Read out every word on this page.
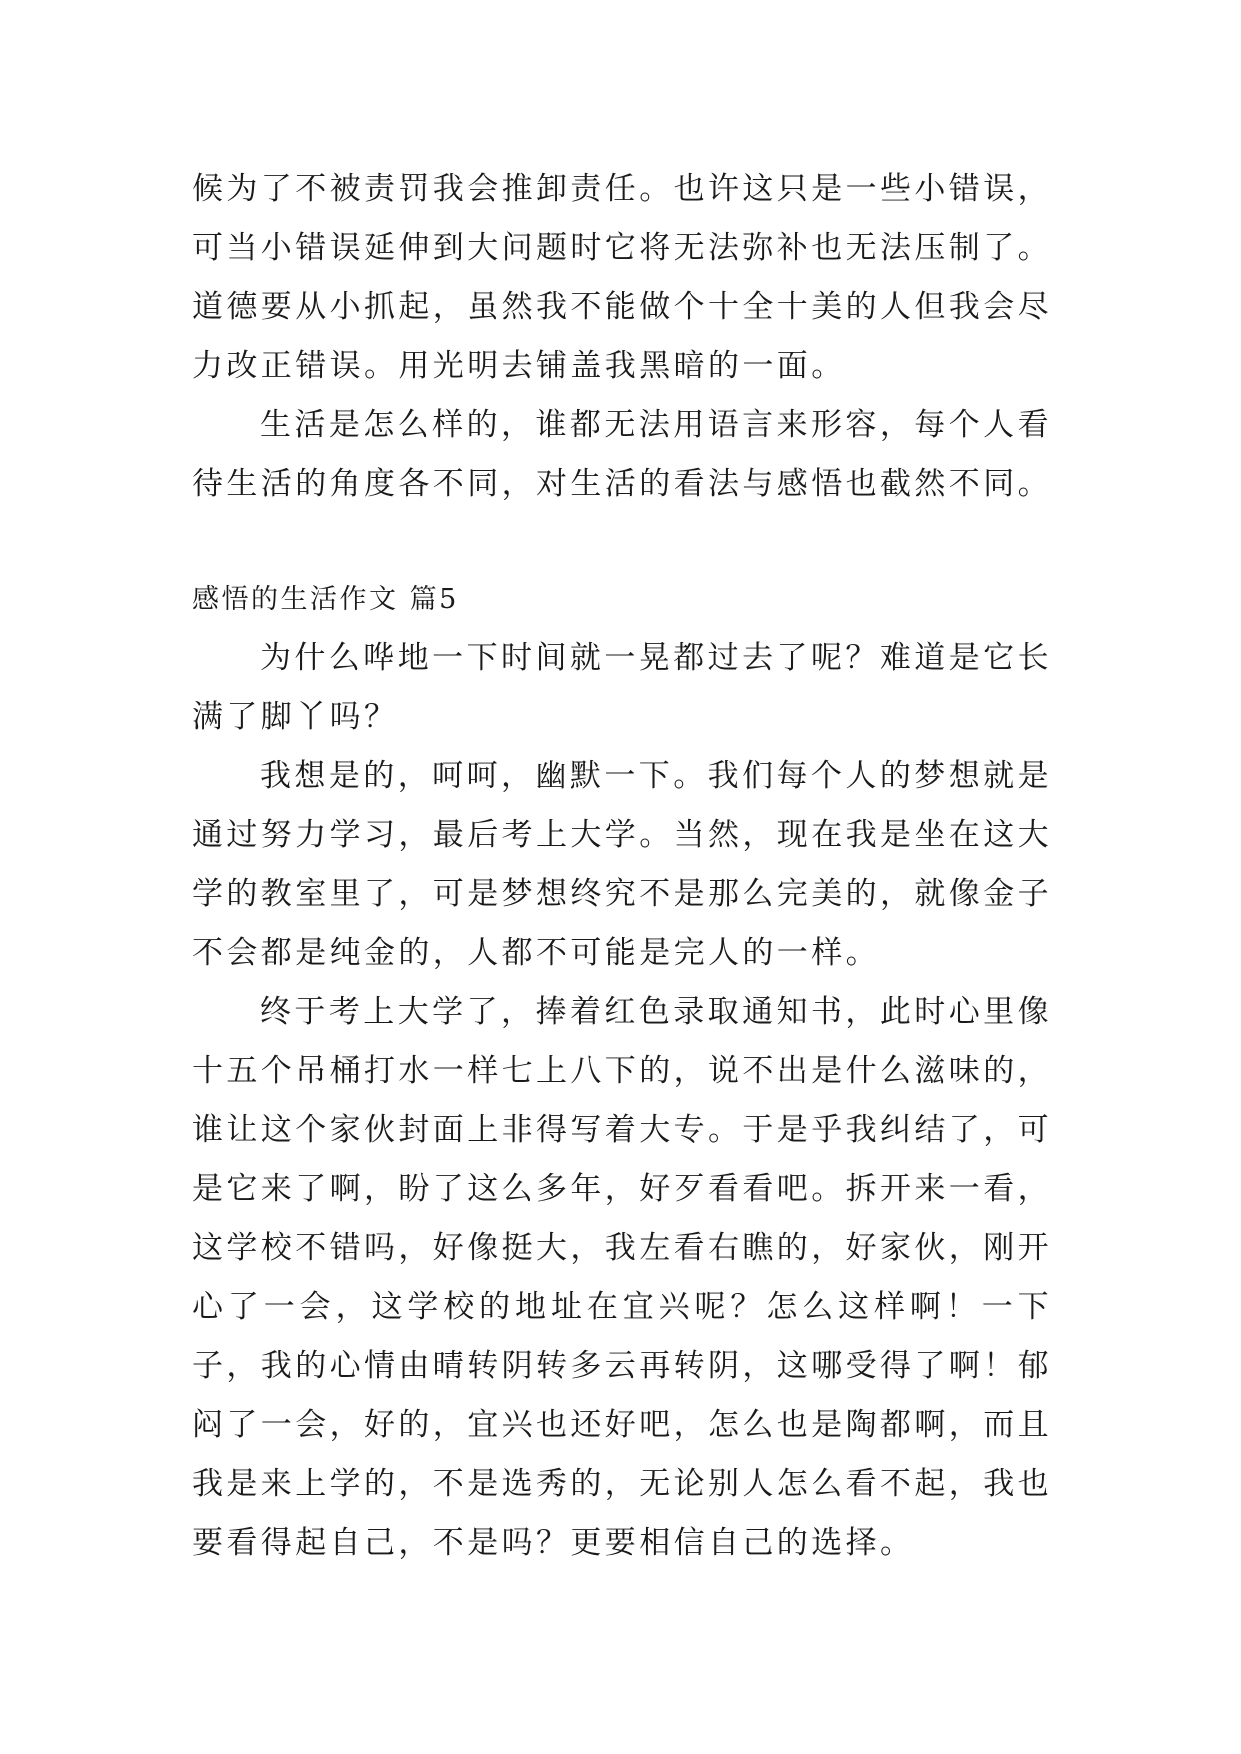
候为了不被责罚我会推卸责任。也许这只是一些小错误，可当小错误延伸到大问题时它将无法弥补也无法压制了。道德要从小抓起，虽然我不能做个十全十美的人但我会尽力改正错误。用光明去铺盖我黑暗的一面。

生活是怎么样的，谁都无法用语言来形容，每个人看待生活的角度各不同，对生活的看法与感悟也截然不同。

感悟的生活作文 篇5

为什么哗地一下时间就一晃都过去了呢？难道是它长满了脚丫吗？

我想是的，呵呵，幽默一下。我们每个人的梦想就是通过努力学习，最后考上大学。当然，现在我是坐在这大学的教室里了，可是梦想终究不是那么完美的，就像金子不会都是纯金的，人都不可能是完人的一样。

终于考上大学了，捧着红色录取通知书，此时心里像十五个吊桶打水一样七上八下的，说不出是什么滋味的，谁让这个家伙封面上非得写着大专。于是乎我纠结了，可是它来了啊，盼了这么多年，好歹看看吧。拆开来一看，这学校不错吗，好像挺大，我左看右瞧的，好家伙，刚开心了一会，这学校的地址在宜兴呢？怎么这样啊！一下子，我的心情由晴转阴转多云再转阴，这哪受得了啊！郁闷了一会，好的，宜兴也还好吧，怎么也是陶都啊，而且我是来上学的，不是选秀的，无论别人怎么看不起，我也要看得起自己，不是吗？更要相信自己的选择。
